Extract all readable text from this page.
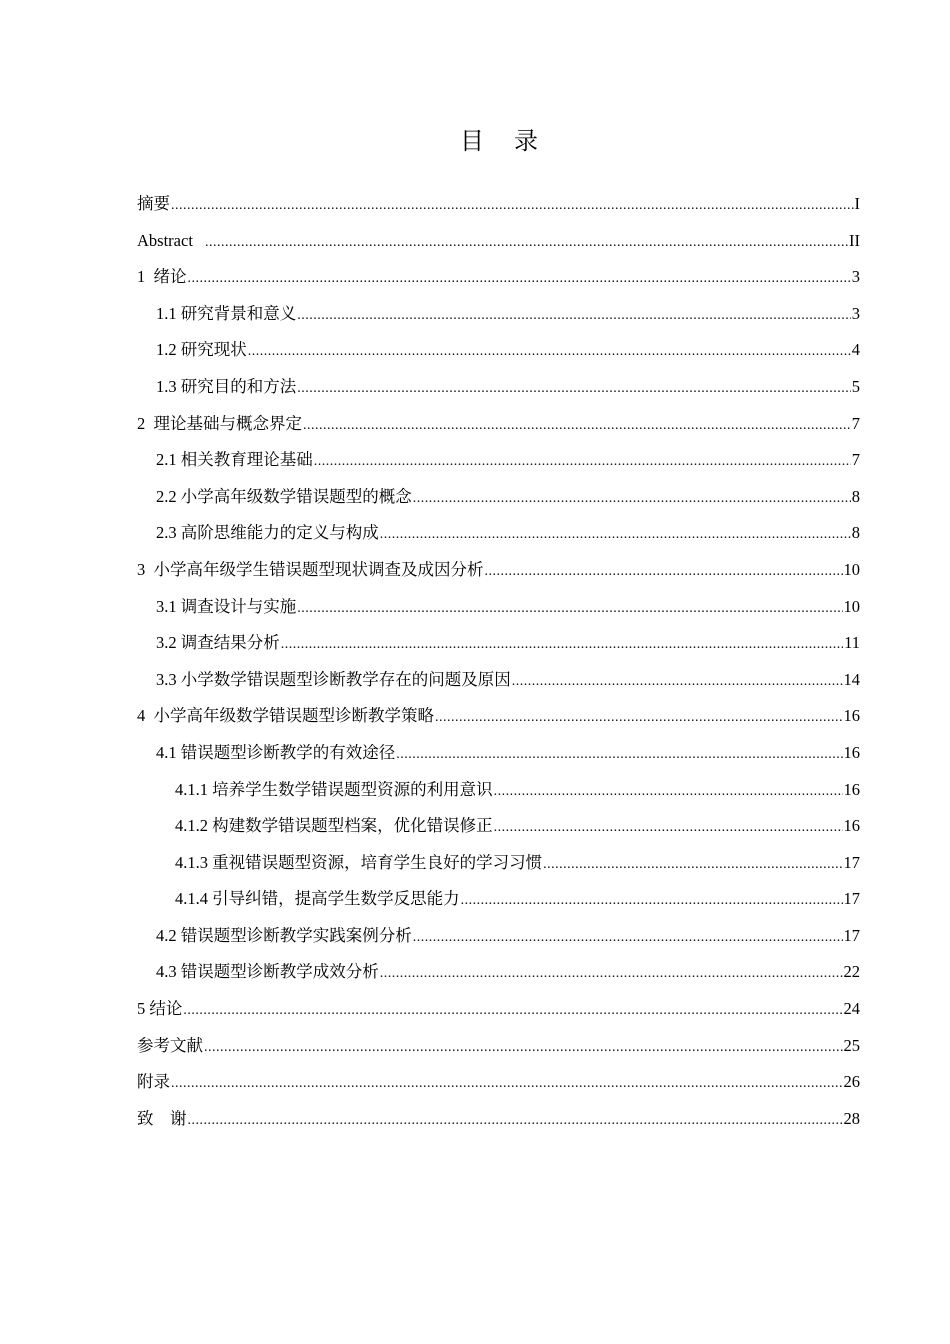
目 录
摘要 .....	I
Abstract .....	II
1  绪论 .....	3
1.1 研究背景和意义 .....	3
1.2 研究现状 .....	4
1.3 研究目的和方法 .....	5
2  理论基础与概念界定 .....	7
2.1 相关教育理论基础 .....	7
2.2 小学高年级数学错误题型的概念 .....	8
2.3 高阶思维能力的定义与构成 .....	8
3  小学高年级学生错误题型现状调查及成因分析 .....	10
3.1 调查设计与实施 .....	10
3.2 调查结果分析 .....	11
3.3 小学数学错误题型诊断教学存在的问题及原因 .....	14
4  小学高年级数学错误题型诊断教学策略 .....	16
4.1 错误题型诊断教学的有效途径 .....	16
4.1.1 培养学生数学错误题型资源的利用意识 .....	16
4.1.2 构建数学错误题型档案，优化错误修正 .....	16
4.1.3 重视错误题型资源，培育学生良好的学习习惯 .....	17
4.1.4 引导纠错，提高学生数学反思能力 .....	17
4.2 错误题型诊断教学实践案例分析 .....	17
4.3 错误题型诊断教学成效分析 .....	22
5 结论 .....	24
参考文献 .....	25
附录 .....	26
致    谢 .....	28
